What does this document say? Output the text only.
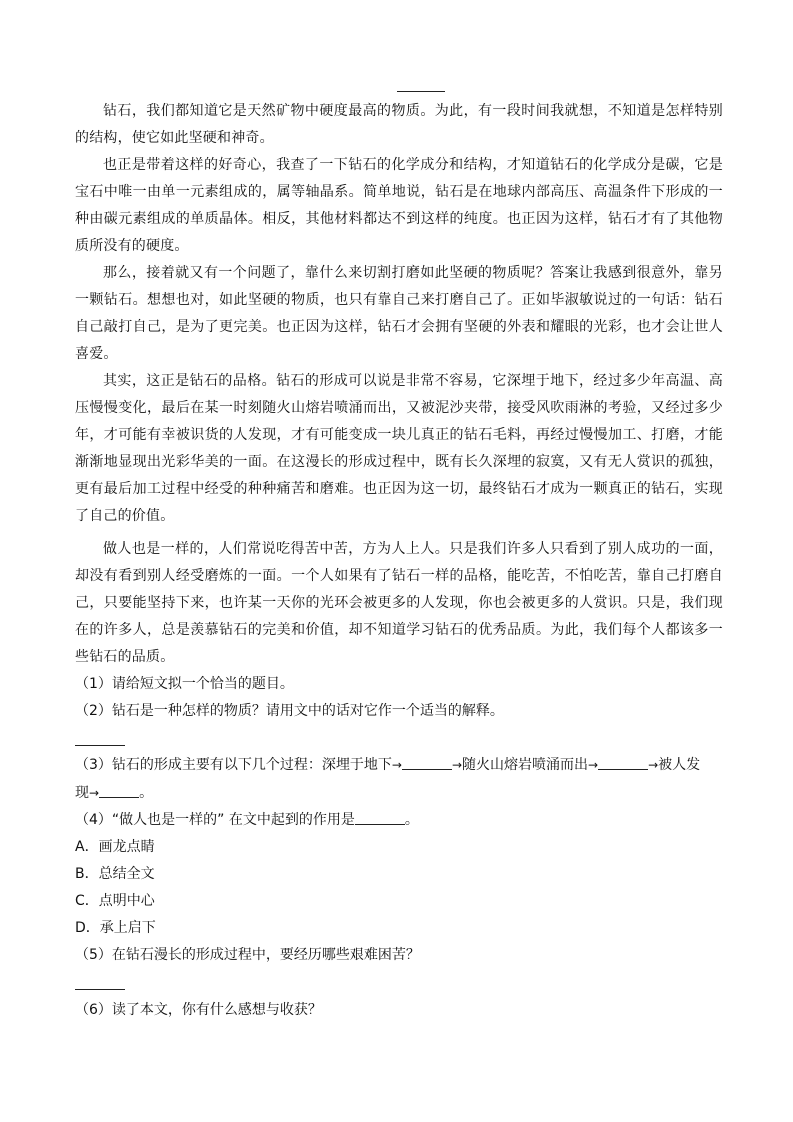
钻石，我们都知道它是天然矿物中硬度最高的物质。为此，有一段时间我就想，不知道是怎样特别的结构，使它如此坚硬和神奇。

也正是带着这样的好奇心，我查了一下钻石的化学成分和结构，才知道钻石的化学成分是碳，它是宝石中唯一由单一元素组成的，属等轴晶系。简单地说，钻石是在地球内部高压、高温条件下形成的一种由碳元素组成的单质晶体。相反，其他材料都达不到这样的纯度。也正因为这样，钻石才有了其他物质所没有的硬度。

那么，接着就又有一个问题了，靠什么来切割打磨如此坚硬的物质呢？答案让我感到很意外，靠另一颗钻石。想想也对，如此坚硬的物质，也只有靠自己来打磨自己了。正如毕淑敏说过的一句话：钻石自己敲打自己，是为了更完美。也正因为这样，钻石才会拥有坚硬的外表和耀眼的光彩，也才会让世人喜爱。

其实，这正是钻石的品格。钻石的形成可以说是非常不容易，它深埋于地下，经过多少年高温、高压慢慢变化，最后在某一时刻随火山熔岩喷涌而出，又被泥沙夹带，接受风吹雨淋的考验，又经过多少年，才可能有幸被识货的人发现，才有可能变成一块儿真正的钻石毛料，再经过慢慢加工、打磨，才能渐渐地显现出光彩华美的一面。在这漫长的形成过程中，既有长久深埋的寂寞，又有无人赏识的孤独，更有最后加工过程中经受的种种痛苦和磨难。也正因为这一切，最终钻石才成为一颗真正的钻石，实现了自己的价值。

做人也是一样的，人们常说吃得苦中苦，方为人上人。只是我们许多人只看到了别人成功的一面，却没有看到别人经受磨炼的一面。一个人如果有了钻石一样的品格，能吃苦，不怕吃苦，靠自己打磨自己，只要能坚持下来，也许某一天你的光环会被更多的人发现，你也会被更多的人赏识。只是，我们现在的许多人，总是羡慕钻石的完美和价值，却不知道学习钻石的优秀品质。为此，我们每个人都该多一些钻石的品质。

（1）请给短文拟一个恰当的题目。

（2）钻石是一种怎样的物质？请用文中的话对它作一个适当的解释。

（3）钻石的形成主要有以下几个过程：深埋于地下→	→随火山熔岩喷涌而出→	→被人发

现→	。

（4）“做人也是一样的” 在文中起到的作用是	。

A．画龙点睛

B．总结全文

C．点明中心

D．承上启下

（5）在钻石漫长的形成过程中，要经历哪些艰难困苦？

（6）读了本文，你有什么感想与收获？
